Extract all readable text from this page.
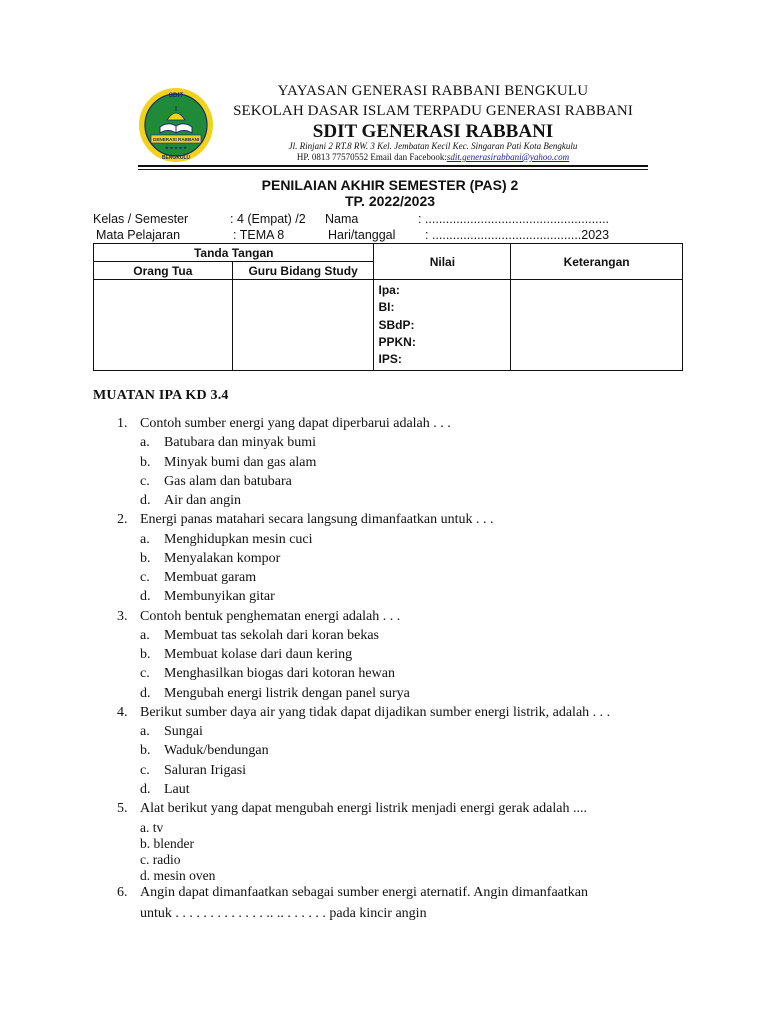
SDIT
GENERASI RABBANI
★★★★★
BENGKULU
YAYASAN GENERASI RABBANI BENGKULU
SEKOLAH DASAR ISLAM TERPADU GENERASI RABBANI
SDIT GENERASI RABBANI
Jl. Rinjani 2 RT.8 RW. 3 Kel. Jembatan Kecil Kec. Singaran Pati Kota Bengkulu
HP. 0813 77570552 Email dan Facebook:sdit.generasirabbani@yahoo.com
PENILAIAN AKHIR SEMESTER (PAS) 2
TP. 2022/2023
Kelas / Semester	: 4 (Empat) /2 Nama	: .....................................................
Mata Pelajaran	: TEMA 8	Hari/tanggal : ...........................................2023
Tanda Tangan		Nilai	Keterangan
Orang Tua	Guru Bidang Study		

		Ipa:
BI:
SBdP:
PPKN:
IPS:	

MUATAN IPA KD 3.4
1. Contoh sumber energi yang dapat diperbarui adalah . . .
a. Batubara dan minyak bumi
b. Minyak bumi dan gas alam
c. Gas alam dan batubara
d. Air dan angin
2. Energi panas matahari secara langsung dimanfaatkan untuk . . .
a. Menghidupkan mesin cuci
b. Menyalakan kompor
c. Membuat garam
d. Membunyikan gitar
3. Contoh bentuk penghematan energi adalah . . .
a. Membuat tas sekolah dari koran bekas
b. Membuat kolase dari daun kering
c. Menghasilkan biogas dari kotoran hewan
d. Mengubah energi listrik dengan panel surya
4. Berikut sumber daya air yang tidak dapat dijadikan sumber energi listrik, adalah . . .
a. Sungai
b. Waduk/bendungan
c. Saluran Irigasi
d. Laut
5. Alat berikut yang dapat mengubah energi listrik menjadi energi gerak adalah ....
a. tv
b. blender
c. radio
d. mesin oven
6. Angin dapat dimanfaatkan sebagai sumber energi aternatif. Angin dimanfaatkan
untuk . . . . . . . . . . . . . .. .. . . . . . . pada kincir angin
